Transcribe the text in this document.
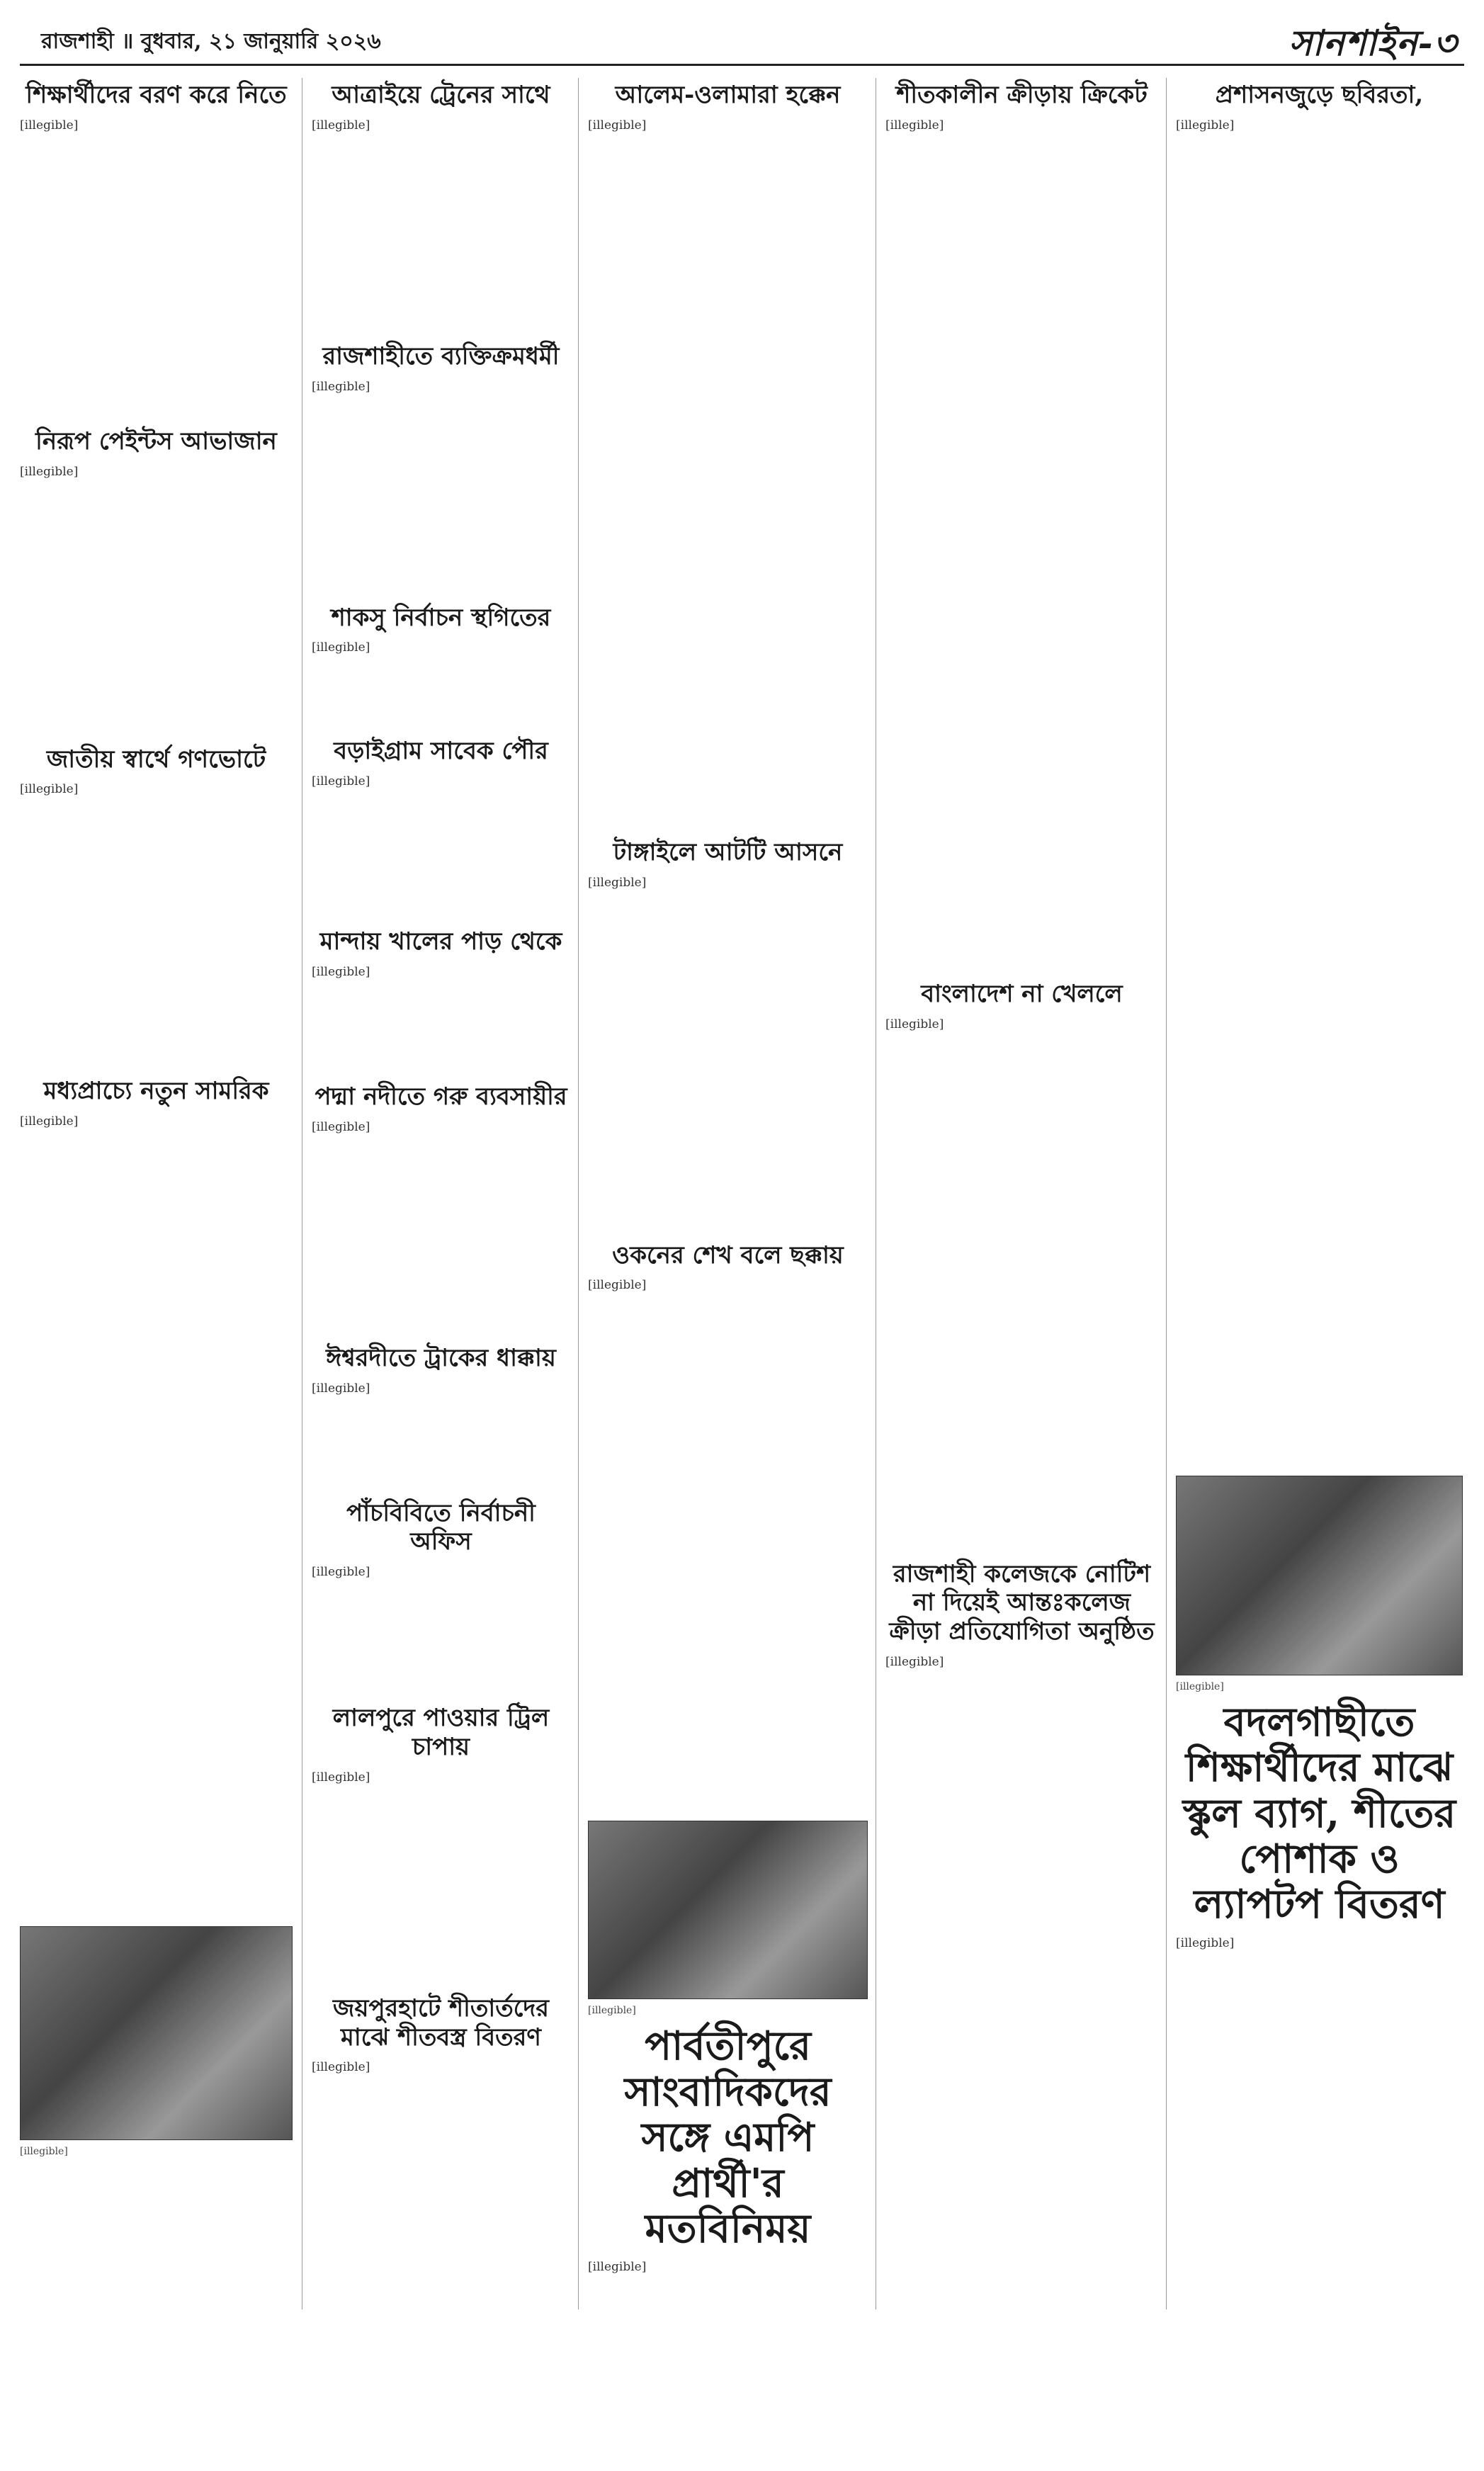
রাজশাহী ॥ বুধবার, ২১ জানুয়ারি ২০২৬	সানশাইন-৩
শিক্ষার্থীদের বরণ করে নিতে
[illegible]
নিরূপ পেইন্টস আভাজান
[illegible]
জাতীয় স্বার্থে গণভোটে
[illegible]
মধ্যপ্রাচ্যে নতুন সামরিক
[illegible]
[illegible]
আত্রাইয়ে ট্রেনের সাথে
[illegible]
রাজশাহীতে ব্যক্তিক্রমধর্মী
[illegible]
শাকসু নির্বাচন স্থগিতের
[illegible]
বড়াইগ্রাম সাবেক পৌর
[illegible]
মান্দায় খালের পাড় থেকে
[illegible]
পদ্মা নদীতে গরু ব্যবসায়ীর
[illegible]
ঈশ্বরদীতে ট্রাকের ধাক্কায়
[illegible]
পাঁচবিবিতে নির্বাচনী অফিস
[illegible]
লালপুরে পাওয়ার ট্রিল চাপায়
[illegible]
জয়পুরহাটে শীতার্তদের মাঝে শীতবস্ত্র বিতরণ
[illegible]
আলেম-ওলামারা হক্কেন
[illegible]
টাঙ্গাইলে আটটি আসনে
[illegible]
ওকনের শেখ বলে ছক্কায়
[illegible]
[illegible]
পার্বতীপুরে সাংবাদিকদের সঙ্গে এমপি প্রার্থী'র মতবিনিময়
[illegible]
শীতকালীন ক্রীড়ায় ক্রিকেট
[illegible]
বাংলাদেশ না খেললে
[illegible]
রাজশাহী কলেজকে নোটিশ না দিয়েই আন্তঃকলেজ ক্রীড়া প্রতিযোগিতা অনুষ্ঠিত
[illegible]
প্রশাসনজুড়ে ছবিরতা,
[illegible]
[illegible]
বদলগাছীতে শিক্ষার্থীদের মাঝে স্কুল ব্যাগ, শীতের পোশাক ও ল্যাপটপ বিতরণ
[illegible]
